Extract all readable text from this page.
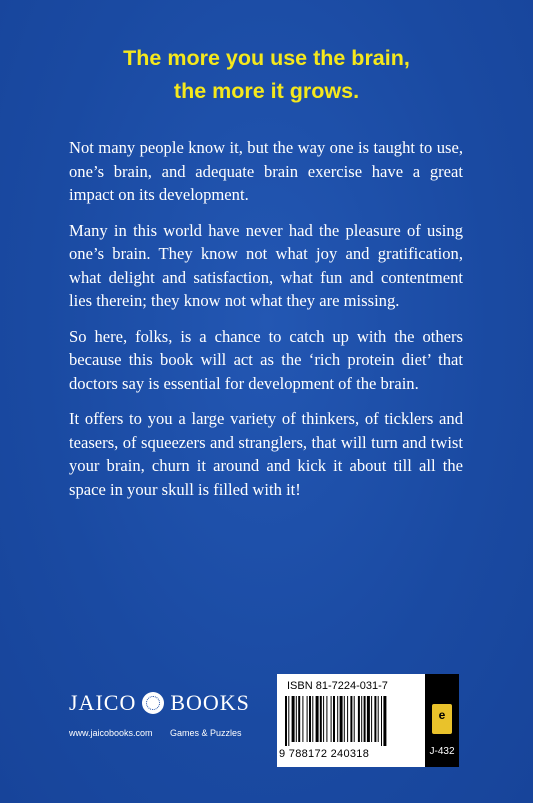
The more you use the brain,
the more it grows.

Not many people know it, but the way one is taught to use, one’s brain, and adequate brain exercise have a great impact on its development.

Many in this world have never had the pleasure of using one’s brain. They know not what joy and gratification, what delight and satisfaction, what fun and contentment lies therein; they know not what they are missing.

So here, folks, is a chance to catch up with the others because this book will act as the ‘rich protein diet’ that doctors say is essential for development of the brain.

It offers to you a large variety of thinkers, of ticklers and teasers, of squeezers and stranglers, that will turn and twist your brain, churn it around and kick it about till all the space in your skull is filled with it!

JAICO BOOKS
www.jaicobooks.com Games & Puzzles
ISBN 81-7224-031-7
9 788172 240318
e	J-432
